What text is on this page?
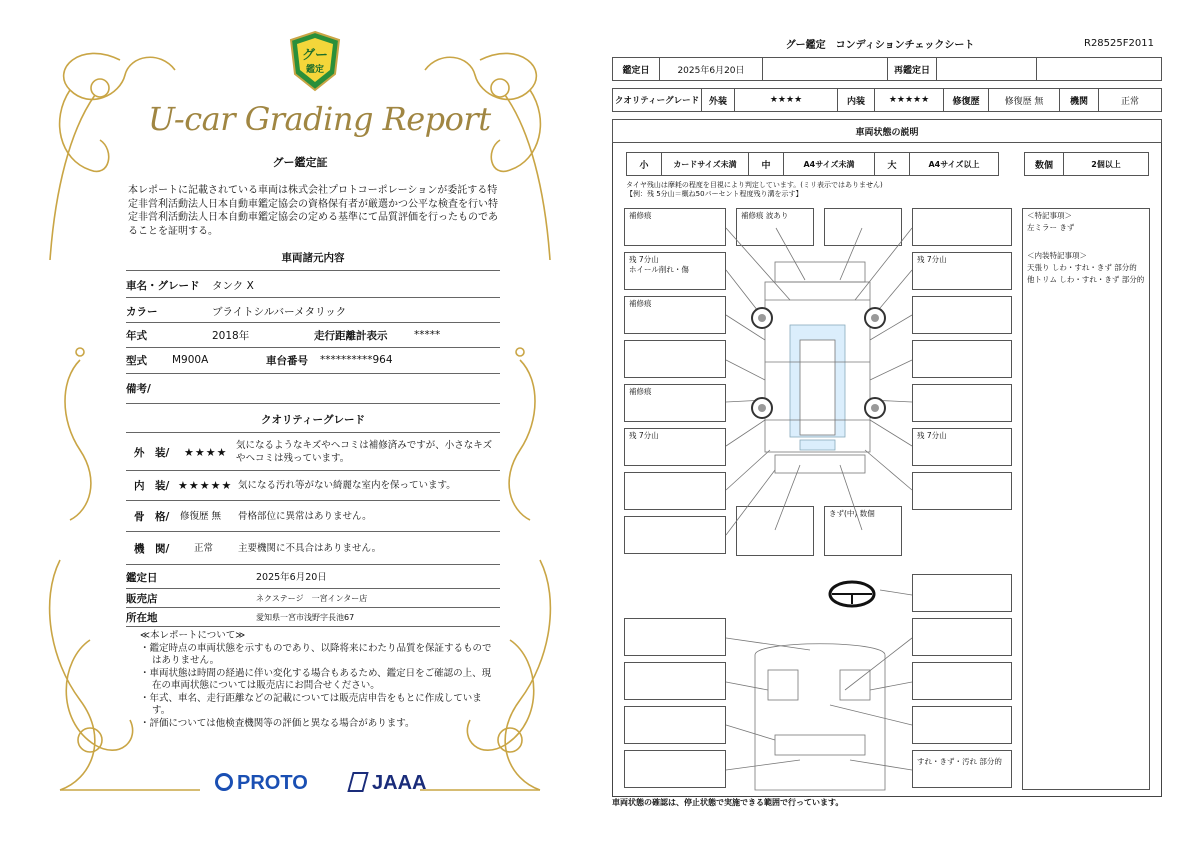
グー
鑑定
U-car Grading Report
グー鑑定証
本レポートに記載されている車両は株式会社プロトコーポレーションが委託する特定非営利活動法人日本自動車鑑定協会の資格保有者が厳選かつ公平な検査を行い特定非営利活動法人日本自動車鑑定協会の定める基準にて品質評価を行ったものであることを証明する。
車両諸元内容
車名・グレード	タンク X
カラー	ブライトシルバーメタリック
年式	2018年	走行距離計表示	*****
型式	M900A	車台番号	**********964
備考/
クオリティーグレード
外　装/	★★★★ 気になるようなキズやヘコミは補修済みですが、小さなキズやヘコミは残っています。
内　装/ ★★★★★ 気になる汚れ等がない綺麗な室内を保っています。
骨　格/	修復歴 無	骨格部位に異常はありません。
機　関/	正常	主要機関に不具合はありません。
鑑定日	2025年6月20日
販売店	ネクステージ　一宮インター店
所在地	愛知県一宮市浅野字長池67
≪本レポートについて≫
・鑑定時点の車両状態を示すものであり、以降将来にわたり品質を保証するものではありません。
・車両状態は時間の経過に伴い変化する場合もあるため、鑑定日をご確認の上、現在の車両状態については販売店にお問合せください。
・年式、車名、走行距離などの記載については販売店申告をもとに作成しています。
・評価については他検査機関等の評価と異なる場合があります。
PROTO	JAAA
グー鑑定　コンディションチェックシート	R28525F2011
鑑定日	2025年6月20日	再鑑定日
クオリティーグレード	外装	★★★★	内装	★★★★★	修復歴	修復歴 無	機関	正常
車両状態の説明
小	カードサイズ未満	中	A4サイズ未満	大	A4サイズ以上	数個	2個以上
タイヤ残山は摩耗の程度を目視により判定しています。(ミリ表示ではありません)
【例：残 5分山＝概ね50パーセント程度残り溝を示す】
補修痕
残 7分山
ホイール削れ・傷
補修痕
補修痕
残 7分山
補修痕 波あり
残 7分山
残 7分山
すれ・きず・汚れ 部分的
きず(中) 数個
＜特記事項＞
左ミラー きず
＜内装特記事項＞
天張り しわ・すれ・きず 部分的
他トリム しわ・すれ・きず 部分的
車両状態の確認は、停止状態で実施できる範囲で行っています。
